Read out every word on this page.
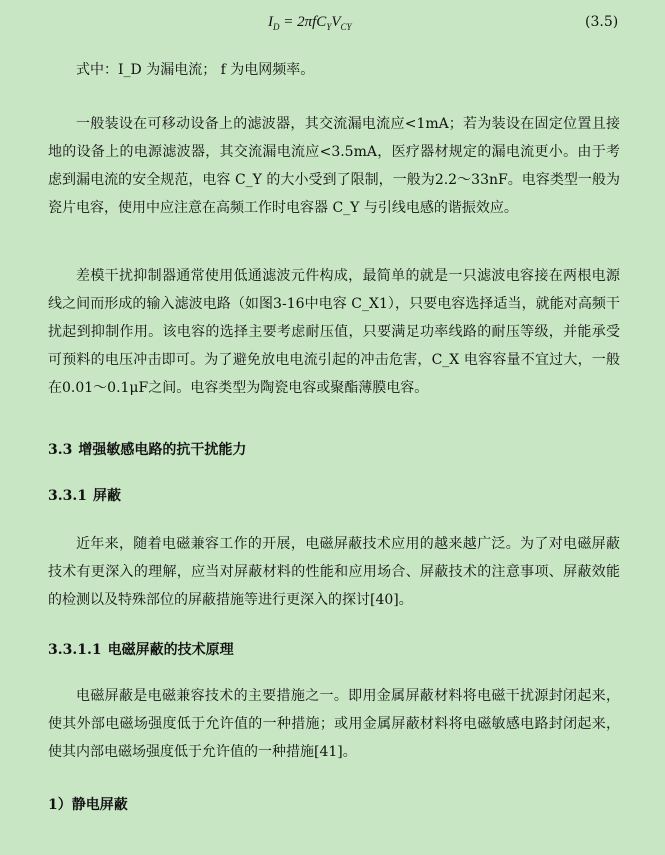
$I_D = 2\pi fC_YV_{CY}$	(3.5)
式中：I_D 为漏电流； f 为电网频率。

一般装设在可移动设备上的滤波器，其交流漏电流应<1mA；若为装设在固定位置且接地的设备上的电源滤波器，其交流漏电流应<3.5mA，医疗器材规定的漏电流更小。由于考虑到漏电流的安全规范，电容 C_Y 的大小受到了限制，一般为2.2～33nF。电容类型一般为瓷片电容，使用中应注意在高频工作时电容器 C_Y 与引线电感的谐振效应。

差模干扰抑制器通常使用低通滤波元件构成，最简单的就是一只滤波电容接在两根电源线之间而形成的输入滤波电路（如图3-16中电容 C_X1），只要电容选择适当，就能对高频干扰起到抑制作用。该电容的选择主要考虑耐压值，只要满足功率线路的耐压等级，并能承受可预料的电压冲击即可。为了避免放电电流引起的冲击危害，C_X 电容容量不宜过大，一般在0.01～0.1μF之间。电容类型为陶瓷电容或聚酯薄膜电容。

3.3 增强敏感电路的抗干扰能力
3.3.1 屏蔽

近年来，随着电磁兼容工作的开展，电磁屏蔽技术应用的越来越广泛。为了对电磁屏蔽技术有更深入的理解，应当对屏蔽材料的性能和应用场合、屏蔽技术的注意事项、屏蔽效能的检测以及特殊部位的屏蔽措施等进行更深入的探讨[40]。

3.3.1.1 电磁屏蔽的技术原理

电磁屏蔽是电磁兼容技术的主要措施之一。即用金属屏蔽材料将电磁干扰源封闭起来，使其外部电磁场强度低于允许值的一种措施；或用金属屏蔽材料将电磁敏感电路封闭起来，使其内部电磁场强度低于允许值的一种措施[41]。

1）静电屏蔽
